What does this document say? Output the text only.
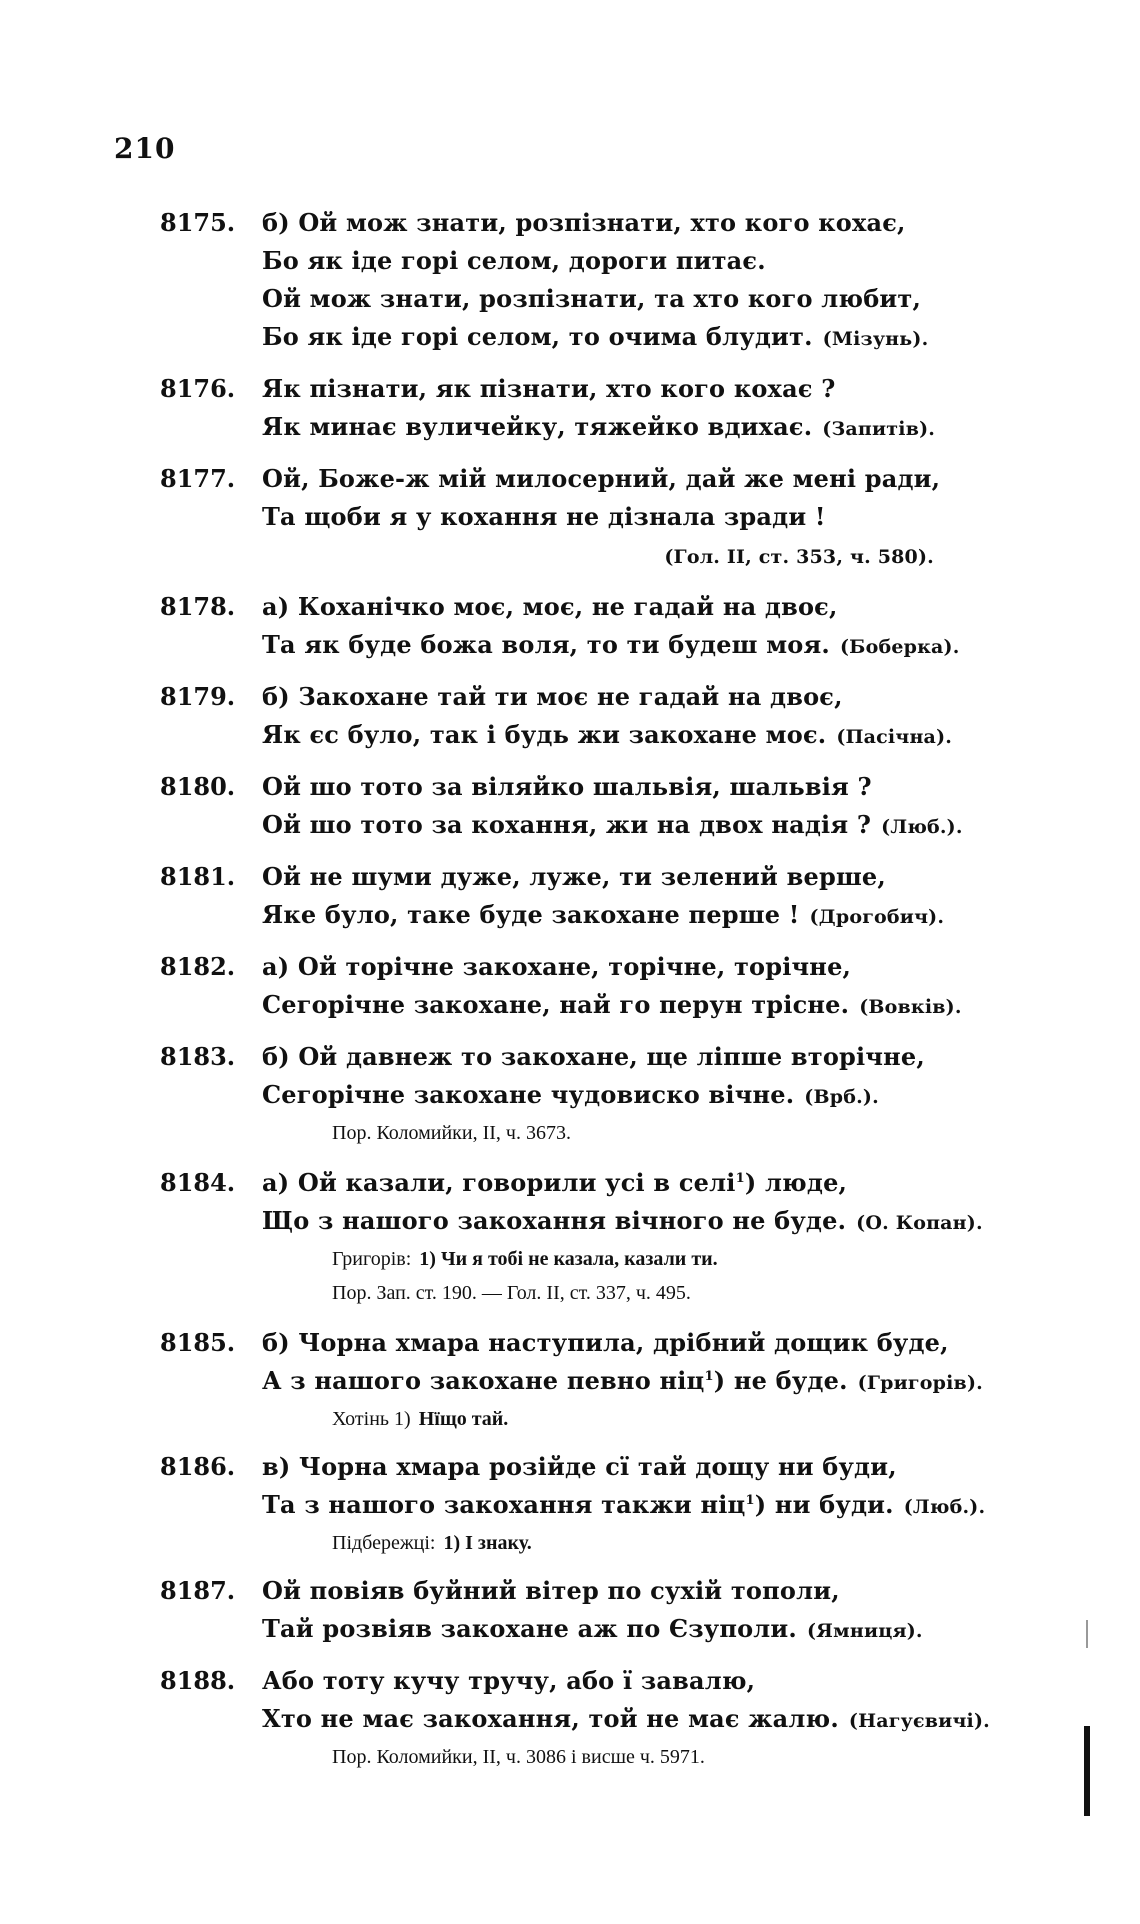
210
8175. б) Ой мож знати, розпізнати, хто кого кохає,
Бо як іде горі селом, дороги питає.
Ой мож знати, розпізнати, та хто кого любит,
Бо як іде горі селом, то очима блудит. (Мізунь).
8176. Як пізнати, як пізнати, хто кого кохає ?
Як минає вуличейку, тяжейко вдихає. (Запитів).
8177. Ой, Боже-ж мій милосерний, дай же мені ради,
Та щоби я у кохання не дізнала зради !
(Гол. II, ст. 353, ч. 580).
8178. а) Коханічко моє, моє, не гадай на двоє,
Та як буде божа воля, то ти будеш моя. (Боберка).
8179. б) Закохане тай ти моє не гадай на двоє,
Як єс було, так і будь жи закохане моє. (Пасічна).
8180. Ой шо тото за віляйко шальвія, шальвія ?
Ой шо тото за кохання, жи на двох надія ? (Люб.).
8181. Ой не шуми дуже, луже, ти зелений верше,
Яке було, таке буде закохане перше ! (Дрогобич).
8182. а) Ой торічне закохане, торічне, торічне,
Сегорічне закохане, най го перун трісне. (Вовків).
8183. б) Ой давнеж то закохане, ще ліпше вторічне,
Сегорічне закохане чудовиско вічне. (Врб.).
Пор. Коломийки, II, ч. 3673.
8184. а) Ой казали, говорили усі в селі$^1$) люде,
Що з нашого закохання вічного не буде. (О. Копан).
Григорів: 1) Чи я тобі не казала, казали ти.
Пор. Зап. ст. 190. — Гол. II, ст. 337, ч. 495.
8185. б) Чорна хмара наступила, дрібний дощик буде,
А з нашого закохане певно ніц$^1$) не буде. (Григорів).
Хотінь 1) Нїщо тай.
8186. в) Чорна хмара розійде сї тай дощу ни буди,
Та з нашого закохання такжи ніц$^1$) ни буди. (Люб.).
Підбережці: 1) І знаку.
8187. Ой повіяв буйний вітер по сухій тополи,
Тай розвіяв закохане аж по Єзуполи. (Ямниця).
8188. Або тоту кучу тручу, або ї завалю,
Хто не має закохання, той не має жалю. (Нагуєвичі).
Пор. Коломийки, II, ч. 3086 і висше ч. 5971.
